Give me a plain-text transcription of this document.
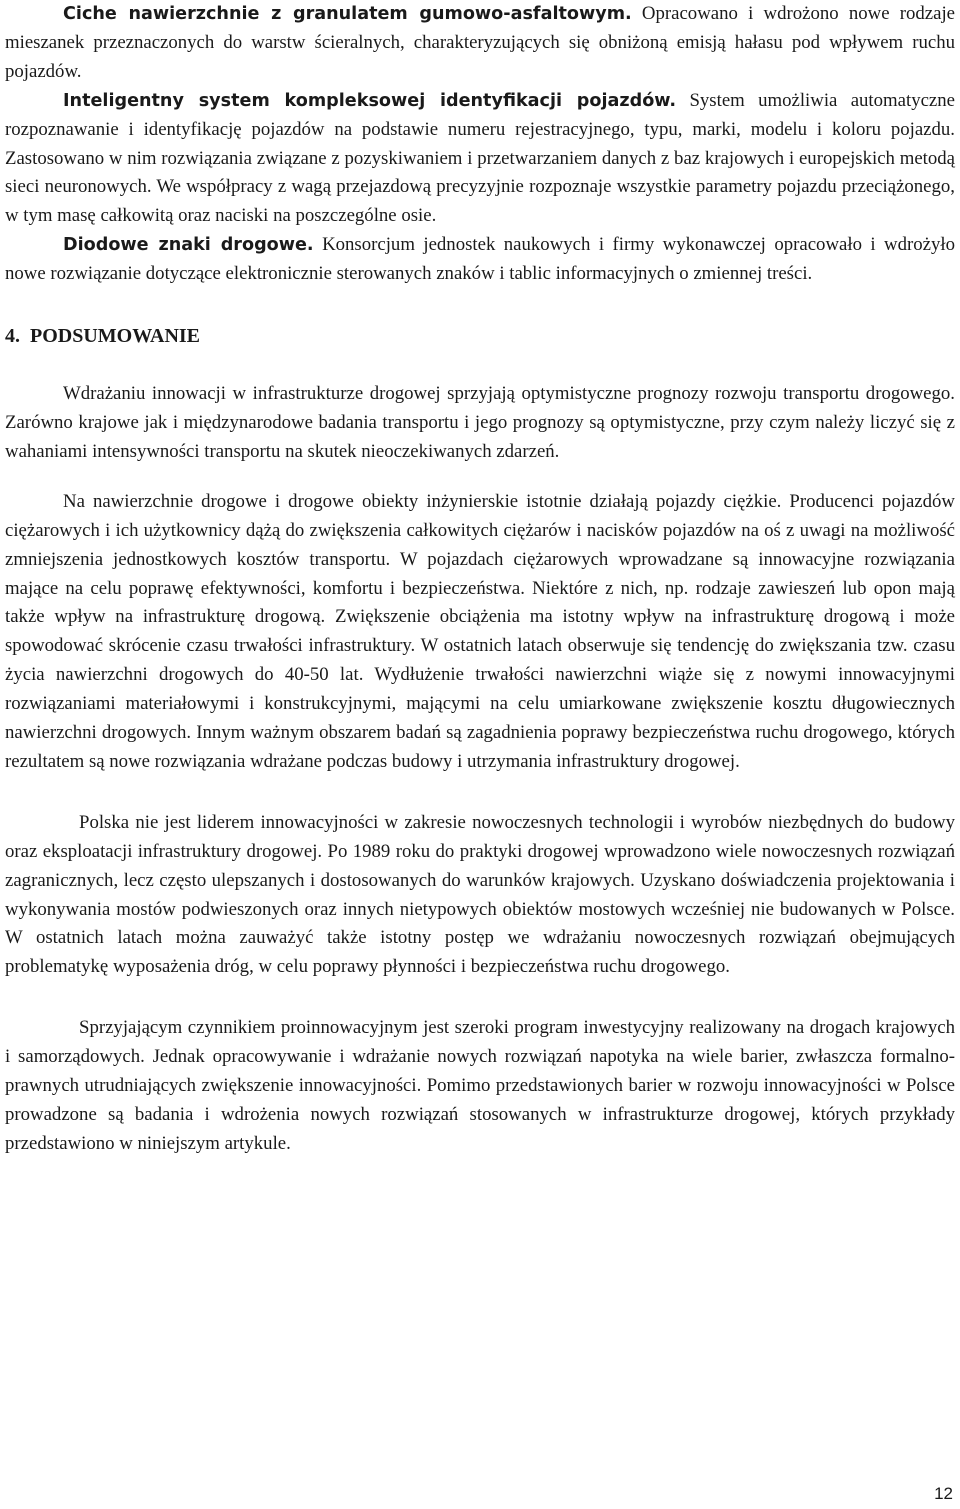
Ciche nawierzchnie z granulatem gumowo-asfaltowym. Opracowano i wdrożono nowe rodzaje mieszanek przeznaczonych do warstw ścieralnych, charakteryzujących się obniżoną emisją hałasu pod wpływem ruchu pojazdów.

Inteligentny system kompleksowej identyfikacji pojazdów. System umożliwia automatyczne rozpoznawanie i identyfikację pojazdów na podstawie numeru rejestracyjnego, typu, marki, modelu i koloru pojazdu. Zastosowano w nim rozwiązania związane z pozyskiwaniem i przetwarzaniem danych z baz krajowych i europejskich metodą sieci neuronowych. We współpracy z wagą przejazdową precyzyjnie rozpoznaje wszystkie parametry pojazdu przeciążonego, w tym masę całkowitą oraz naciski na poszczególne osie.

Diodowe znaki drogowe. Konsorcjum jednostek naukowych i firmy wykonawczej opracowało i wdrożyło nowe rozwiązanie dotyczące elektronicznie sterowanych znaków i tablic informacyjnych o zmiennej treści.

4. PODSUMOWANIE

Wdrażaniu innowacji w infrastrukturze drogowej sprzyjają optymistyczne prognozy rozwoju transportu drogowego. Zarówno krajowe jak i międzynarodowe badania transportu i jego prognozy są optymistyczne, przy czym należy liczyć się z wahaniami intensywności transportu na skutek nieoczekiwanych zdarzeń.

Na nawierzchnie drogowe i drogowe obiekty inżynierskie istotnie działają pojazdy ciężkie. Producenci pojazdów ciężarowych i ich użytkownicy dążą do zwiększenia całkowitych ciężarów i nacisków pojazdów na oś z uwagi na możliwość zmniejszenia jednostkowych kosztów transportu. W pojazdach ciężarowych wprowadzane są innowacyjne rozwiązania mające na celu poprawę efektywności, komfortu i bezpieczeństwa. Niektóre z nich, np. rodzaje zawieszeń lub opon mają także wpływ na infrastrukturę drogową. Zwiększenie obciążenia ma istotny wpływ na infrastrukturę drogową i może spowodować skrócenie czasu trwałości infrastruktury. W ostatnich latach obserwuje się tendencję do zwiększania tzw. czasu życia nawierzchni drogowych do 40-50 lat. Wydłużenie trwałości nawierzchni wiąże się z nowymi innowacyjnymi rozwiązaniami materiałowymi i konstrukcyjnymi, mającymi na celu umiarkowane zwiększenie kosztu długowiecznych nawierzchni drogowych. Innym ważnym obszarem badań są zagadnienia poprawy bezpieczeństwa ruchu drogowego, których rezultatem są nowe rozwiązania wdrażane podczas budowy i utrzymania infrastruktury drogowej.

Polska nie jest liderem innowacyjności w zakresie nowoczesnych technologii i wyrobów niezbędnych do budowy oraz eksploatacji infrastruktury drogowej. Po 1989 roku do praktyki drogowej wprowadzono wiele nowoczesnych rozwiązań zagranicznych, lecz często ulepszanych i dostosowanych do warunków krajowych. Uzyskano doświadczenia projektowania i wykonywania mostów podwieszonych oraz innych nietypowych obiektów mostowych wcześniej nie budowanych w Polsce. W ostatnich latach można zauważyć także istotny postęp we wdrażaniu nowoczesnych rozwiązań obejmujących problematykę wyposażenia dróg, w celu poprawy płynności i bezpieczeństwa ruchu drogowego.

Sprzyjającym czynnikiem proinnowacyjnym jest szeroki program inwestycyjny realizowany na drogach krajowych i samorządowych. Jednak opracowywanie i wdrażanie nowych rozwiązań napotyka na wiele barier, zwłaszcza formalno-prawnych utrudniających zwiększenie innowacyjności. Pomimo przedstawionych barier w rozwoju innowacyjności w Polsce prowadzone są badania i wdrożenia nowych rozwiązań stosowanych w infrastrukturze drogowej, których przykłady przedstawiono w niniejszym artykule.

12
